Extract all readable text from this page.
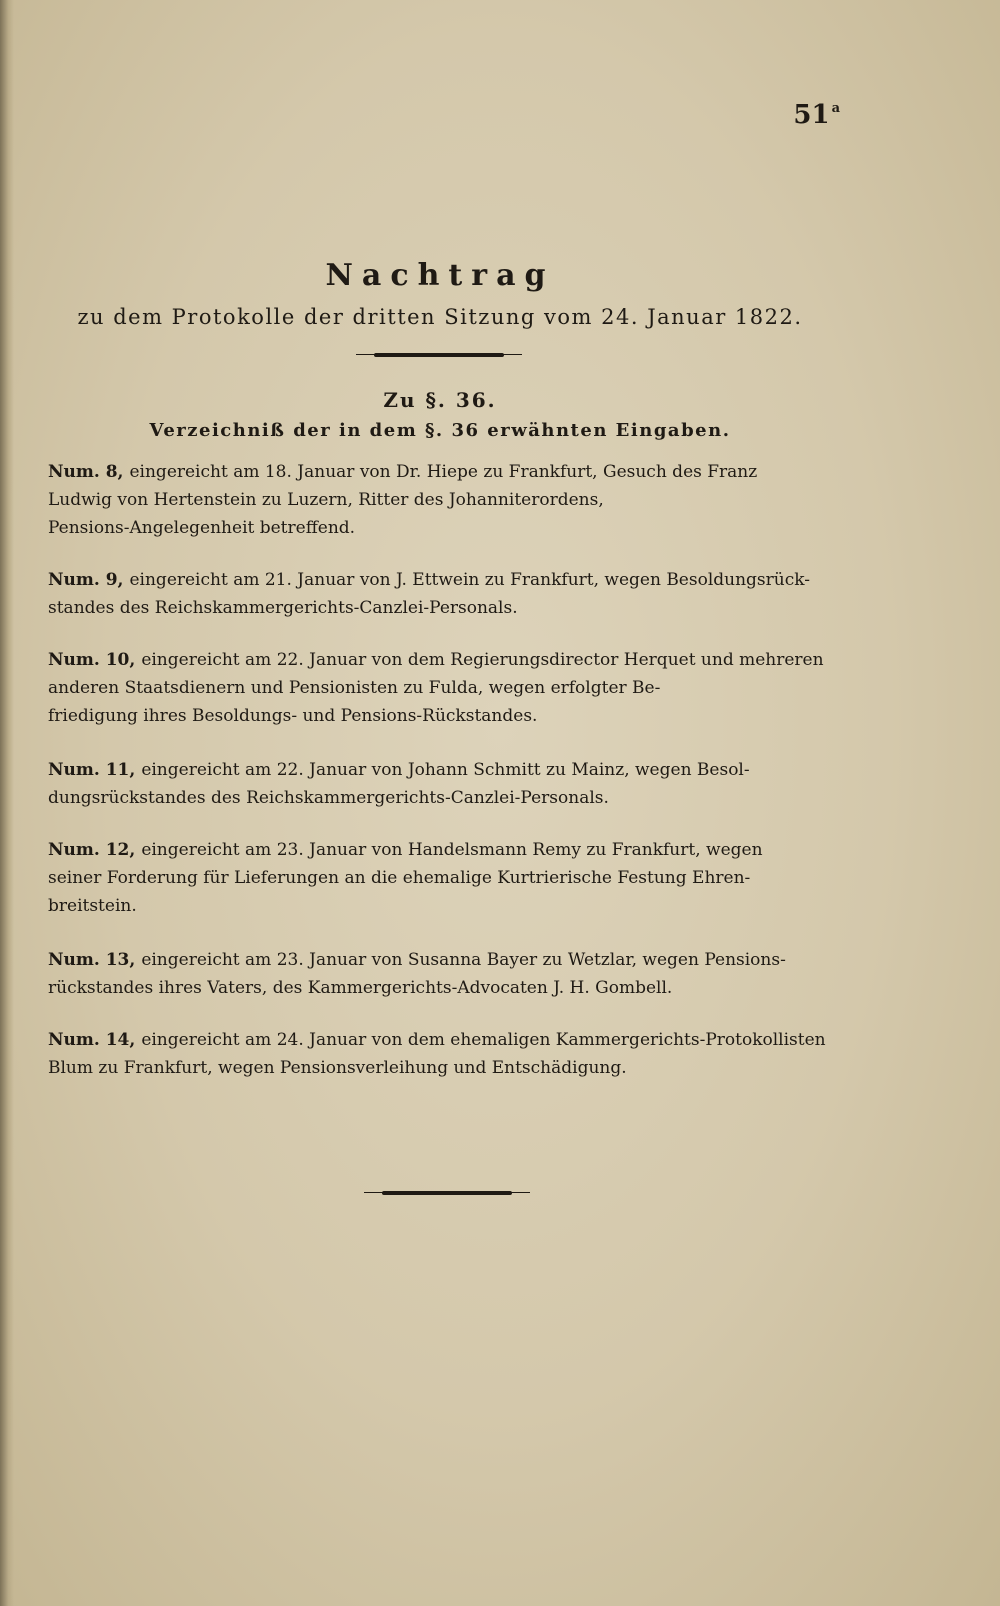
51 $^a$
Nachtrag
zu dem Protokolle der dritten Sitzung vom 24. Januar 1822.
Zu §. 36.
Verzeichniß der in dem §. 36 erwähnten Eingaben.

Num. 8, eingereicht am 18. Januar von Dr. Hiepe zu Frankfurt, Gesuch des Franz
Ludwig von Hertenstein zu Luzern, Ritter des Johanniterordens,
Pensions-Angelegenheit betreffend.

Num. 9, eingereicht am 21. Januar von J. Ettwein zu Frankfurt, wegen Besoldungsrück-
standes des Reichskammergerichts-Canzlei-Personals.

Num. 10, eingereicht am 22. Januar von dem Regierungsdirector Herquet und mehreren
anderen Staatsdienern und Pensionisten zu Fulda, wegen erfolgter Be-
friedigung ihres Besoldungs- und Pensions-Rückstandes.

Num. 11, eingereicht am 22. Januar von Johann Schmitt zu Mainz, wegen Besol-
dungsrückstandes des Reichskammergerichts-Canzlei-Personals.

Num. 12, eingereicht am 23. Januar von Handelsmann Remy zu Frankfurt, wegen
seiner Forderung für Lieferungen an die ehemalige Kurtrierische Festung Ehren-
breitstein.

Num. 13, eingereicht am 23. Januar von Susanna Bayer zu Wetzlar, wegen Pensions-
rückstandes ihres Vaters, des Kammergerichts-Advocaten J. H. Gombell.

Num. 14, eingereicht am 24. Januar von dem ehemaligen Kammergerichts-Protokollisten
Blum zu Frankfurt, wegen Pensionsverleihung und Entschädigung.
